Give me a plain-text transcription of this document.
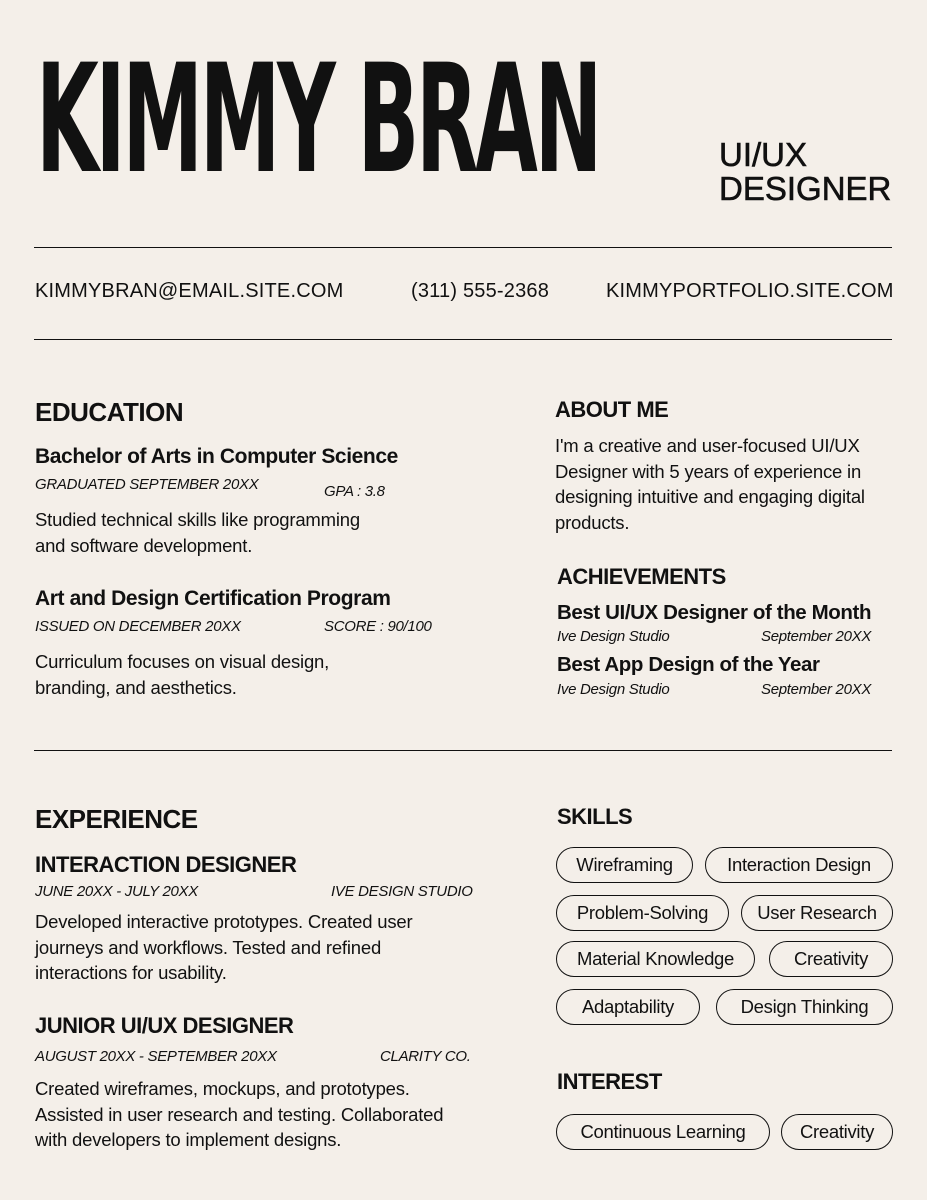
KIMMY BRAN	UI/UX
DESIGNER
KIMMYBRAN@EMAIL.SITE.COM	(311) 555-2368	KIMMYPORTFOLIO.SITE.COM
EDUCATION
Bachelor of Arts in Computer Science
GRADUATED SEPTEMBER 20XX	GPA : 3.8
Studied technical skills like programming
and software development.
Art and Design Certification Program
ISSUED ON DECEMBER 20XX	SCORE : 90/100
Curriculum focuses on visual design,
branding, and aesthetics.
ABOUT ME
I'm a creative and user-focused UI/UX
Designer with 5 years of experience in
designing intuitive and engaging digital
products.
ACHIEVEMENTS
Best UI/UX Designer of the Month
Ive Design Studio	September 20XX
Best App Design of the Year
Ive Design Studio	September 20XX
EXPERIENCE
INTERACTION DESIGNER
JUNE 20XX - JULY 20XX	IVE DESIGN STUDIO
Developed interactive prototypes. Created user
journeys and workflows. Tested and refined
interactions for usability.
JUNIOR UI/UX DESIGNER
AUGUST 20XX - SEPTEMBER 20XX	CLARITY CO.
Created wireframes, mockups, and prototypes.
Assisted in user research and testing. Collaborated
with developers to implement designs.
SKILLS
Wireframing	Interaction Design
Problem-Solving	User Research
Material Knowledge	Creativity
Adaptability	Design Thinking
INTEREST
Continuous Learning	Creativity
